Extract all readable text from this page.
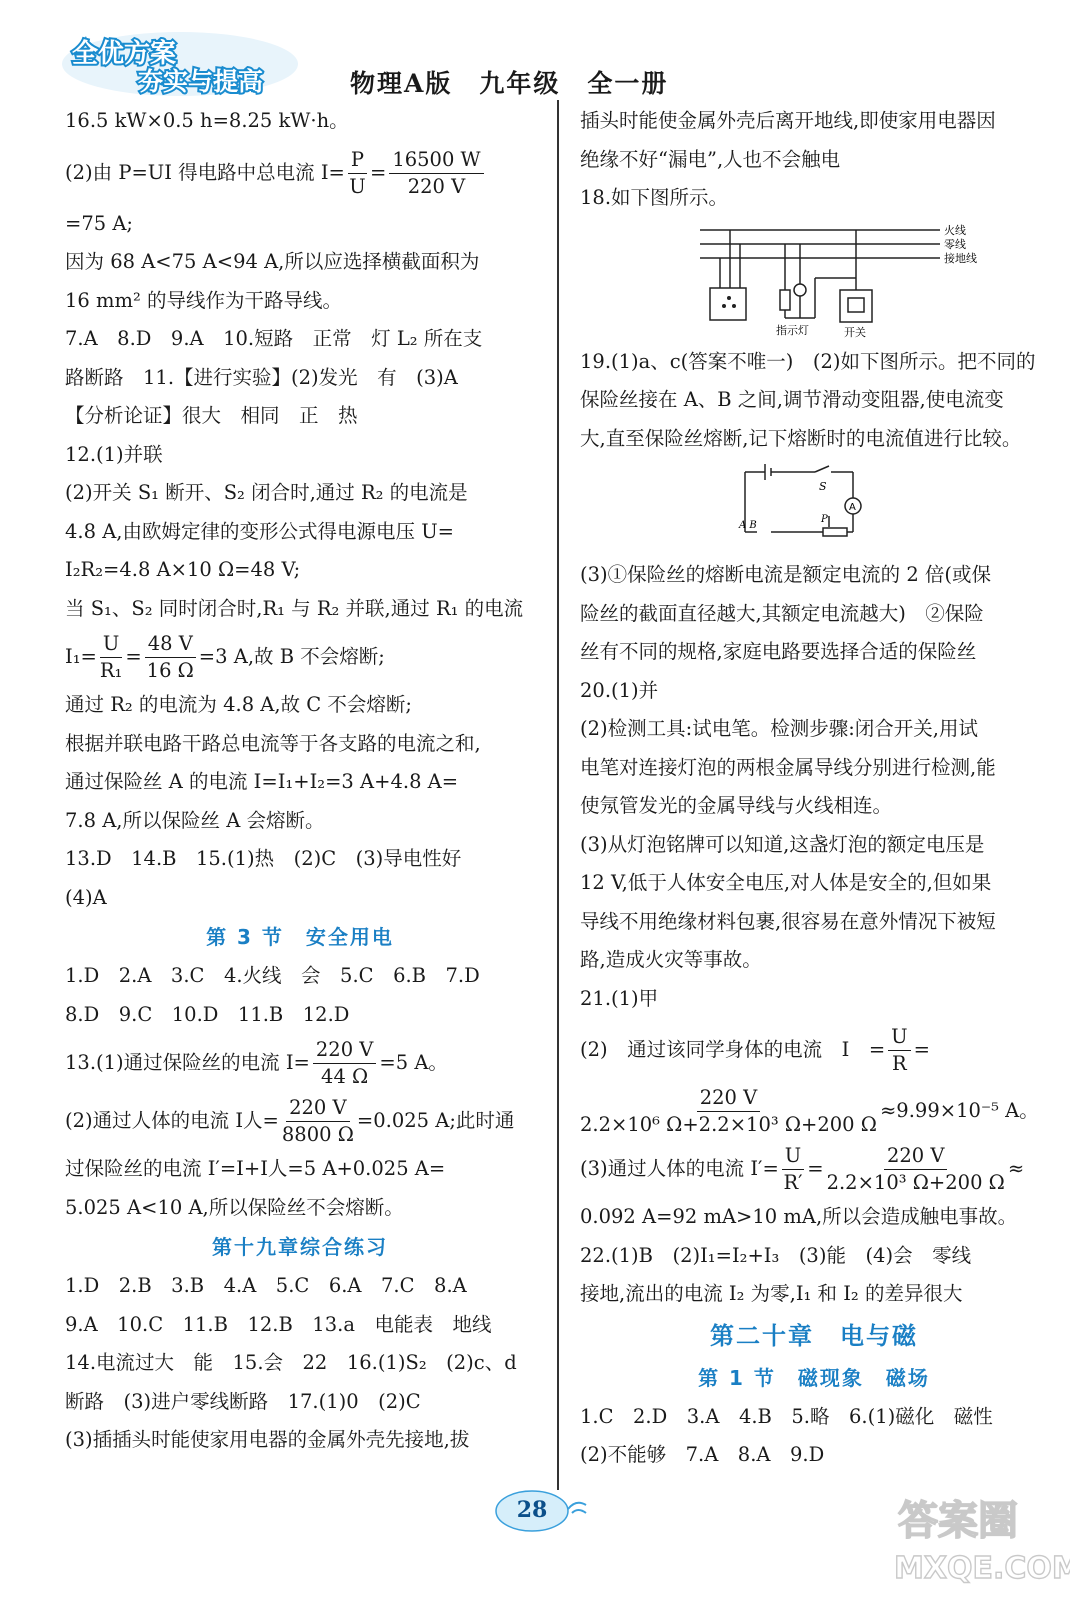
全优方案
夯实与提高	物理A版　九年级　全一册
16.5 kW×0.5 h=8.25 kW·h。
(2)由 P=UI 得电路中总电流 $I= \frac{P}{U} = \frac{16500 W}{220 V}$
=75 A;
因为 68 A<75 A<94 A,所以应选择横截面积为
16 mm² 的导线作为干路导线。
7.A　8.D　9.A　10.短路　正常　灯 L₂ 所在支
路断路　11.【进行实验】(2)发光　有　(3)A
【分析论证】很大　相同　正　热
12.(1)并联
(2)开关 S₁ 断开、S₂ 闭合时,通过 R₂ 的电流是
4.8 A,由欧姆定律的变形公式得电源电压 U=
I₂R₂=4.8 A×10 Ω=48 V;
当 S₁、S₂ 同时闭合时,R₁ 与 R₂ 并联,通过 R₁ 的电流
$I_1= \frac{U}{\text{R₁}} = \frac{48 V}{16 \Omega} =3$ A,故 B 不会熔断;
通过 R₂ 的电流为 4.8 A,故 C 不会熔断;
根据并联电路干路总电流等于各支路的电流之和,
通过保险丝 A 的电流 I=I₁+I₂=3 A+4.8 A=
7.8 A,所以保险丝 A 会熔断。
13.D　14.B　15.(1)热　(2)C　(3)导电性好
(4)A
第 3 节　安全用电
1.D　2.A　3.C　4.火线　会　5.C　6.B　7.D
8.D　9.C　10.D　11.B　12.D
13.(1)通过保险丝的电流 $I= \frac{220 V}{44 \Omega} =5$ A。
(2)通过人体的电流 I人= $\frac{220 V}{8800 \Omega} =0.025$ A;此时通
过保险丝的电流 I′=I+I人=5 A+0.025 A=
5.025 A<10 A,所以保险丝不会熔断。
第十九章综合练习
1.D　2.B　3.B　4.A　5.C　6.A　7.C　8.A
9.A　10.C　11.B　12.B　13.a　电能表　地线
14.电流过大　能　15.会　22　16.(1)S₂　(2)c、d
断路　(3)进户零线断路　17.(1)0　(2)C
(3)插插头时能使家用电器的金属外壳先接地,拔
插头时能使金属外壳后离开地线,即使家用电器因
绝缘不好“漏电”,人也不会触电
18.如下图所示。
火线
零线
接地线
指示灯	开关
19.(1)a、c(答案不唯一)　(2)如下图所示。把不同的
保险丝接在 A、B 之间,调节滑动变阻器,使电流变
大,直至保险丝熔断,记下熔断时的电流值进行比较。
S
A
A B
P
(3)①保险丝的熔断电流是额定电流的 2 倍(或保
险丝的截面直径越大,其额定电流越大)　②保险
丝有不同的规格,家庭电路要选择合适的保险丝
20.(1)并
(2)检测工具:试电笔。检测步骤:闭合开关,用试
电笔对连接灯泡的两根金属导线分别进行检测,能
使氖管发光的金属导线与火线相连。
(3)从灯泡铭牌可以知道,这盏灯泡的额定电压是
12 V,低于人体安全电压,对人体是安全的,但如果
导线不用绝缘材料包裹,很容易在意外情况下被短
路,造成火灾等事故。
21.(1)甲
(2)　通过该同学身体的电流　I　= $\frac{U}{R}$ =
$\frac{220 V}{\text{2.2×10⁶ Ω+2.2×10³ Ω+200 Ω}} \approx 9.99\times 10^{-5}$ A。
(3)通过人体的电流 $I'= \frac{U}{R'} = \frac{220 V}{\text{2.2×10³ Ω+200 Ω}}$ ≈
0.092 A=92 mA>10 mA,所以会造成触电事故。
22.(1)B　(2)I₁=I₂+I₃　(3)能　(4)会　零线
接地,流出的电流 I₂ 为零,I₁ 和 I₂ 的差异很大
第二十章　电与磁
第 1 节　磁现象　磁场
1.C　2.D　3.A　4.B　5.略　6.(1)磁化　磁性
(2)不能够　7.A　8.A　9.D
28	答案圈
MXQE.COM
